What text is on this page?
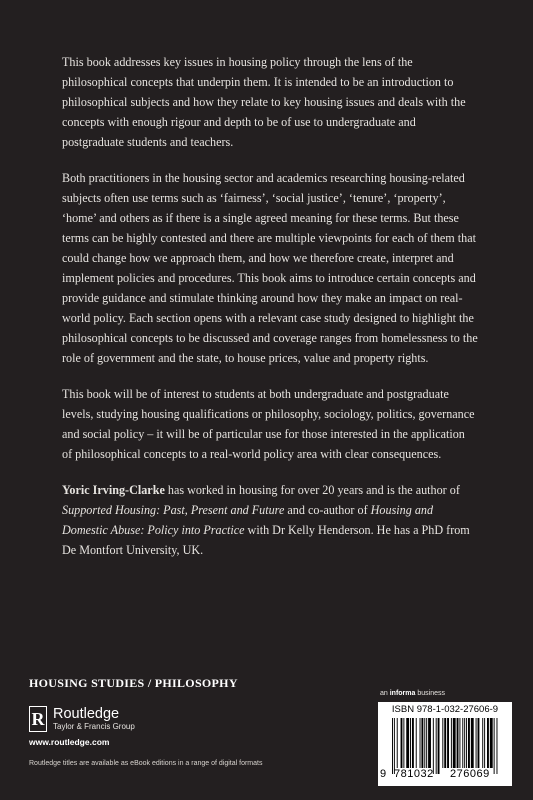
This book addresses key issues in housing policy through the lens of the philosophical concepts that underpin them. It is intended to be an introduction to philosophical subjects and how they relate to key housing issues and deals with the concepts with enough rigour and depth to be of use to undergraduate and postgraduate students and teachers.

Both practitioners in the housing sector and academics researching housing-related subjects often use terms such as ‘fairness’, ‘social justice’, ‘tenure’, ‘property’, ‘home’ and others as if there is a single agreed meaning for these terms. But these terms can be highly contested and there are multiple viewpoints for each of them that could change how we approach them, and how we therefore create, interpret and implement policies and procedures. This book aims to introduce certain concepts and provide guidance and stimulate thinking around how they make an impact on real-world policy. Each section opens with a relevant case study designed to highlight the philosophical concepts to be discussed and coverage ranges from homelessness to the role of government and the state, to house prices, value and property rights.

This book will be of interest to students at both undergraduate and postgraduate levels, studying housing qualifications or philosophy, sociology, politics, governance and social policy – it will be of particular use for those interested in the application of philosophical concepts to a real-world policy area with clear consequences.

Yoric Irving-Clarke has worked in housing for over 20 years and is the author of Supported Housing: Past, Present and Future and co-author of Housing and Domestic Abuse: Policy into Practice with Dr Kelly Henderson. He has a PhD from De Montfort University, UK.

HOUSING STUDIES / PHILOSOPHY
R Routledge
Taylor & Francis Group
www.routledge.com
Routledge titles are available as eBook editions in a range of digital formats
an informa business
ISBN 978-1-032-27606-9
9 781032 276069
